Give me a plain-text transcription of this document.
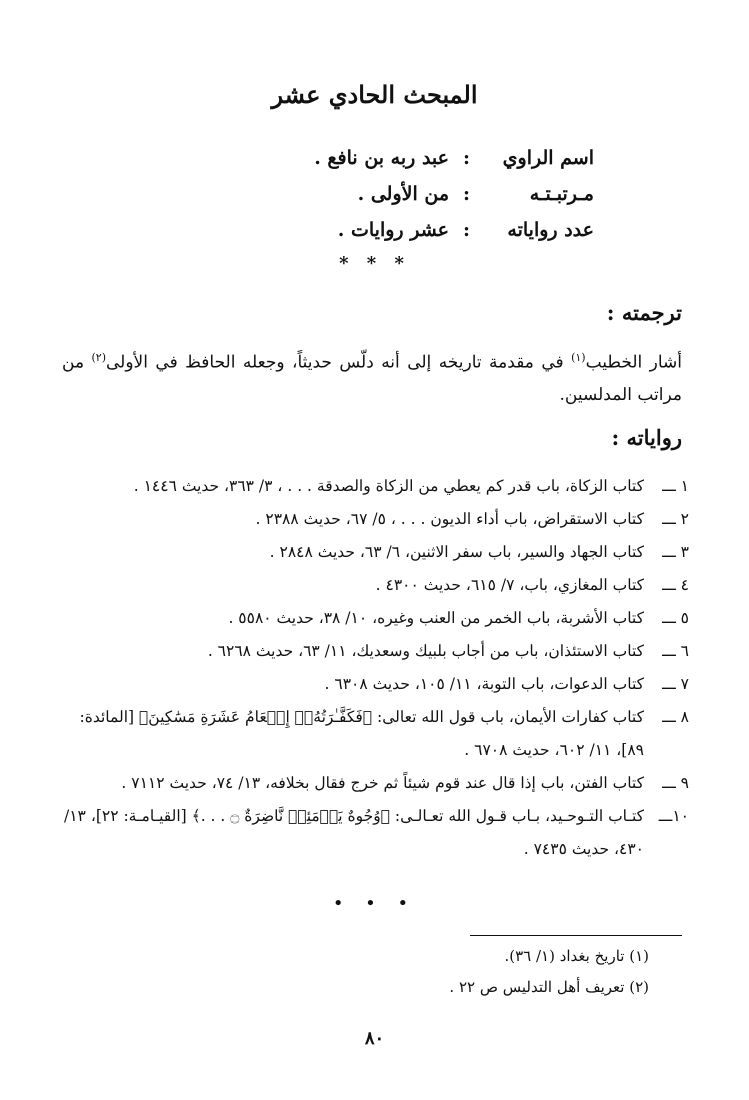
المبحث الحادي عشر
اسم الراوي
:
عبد ربه بن نافع .
مـرتبـتـه
:
من الأولى .
عدد رواياته
:
عشر روايات .
* * *
ترجمته :

أشار الخطيب$^{(١)}$ في مقدمة تاريخه إلى أنه دلّس حديثاً، وجعله الحافظ في الأولى$^{(٢)}$ من مراتب المدلسين.

رواياته :
١ ـــ
كتاب الزكاة، باب قدر كم يعطي من الزكاة والصدقة . . . ، ٣/ ٣٦٣، حديث ١٤٤٦ .
٢ ـــ
كتاب الاستقراض، باب أداء الديون . . . ، ٥/ ٦٧، حديث ٢٣٨٨ .
٣ ـــ
كتاب الجهاد والسير، باب سفر الاثنين، ٦/ ٦٣، حديث ٢٨٤٨ .
٤ ـــ
كتاب المغازي، باب، ٧/ ٦١٥، حديث ٤٣٠٠ .
٥ ـــ
كتاب الأشربة، باب الخمر من العنب وغيره، ١٠/ ٣٨، حديث ٥٥٨٠ .
٦ ـــ
كتاب الاستئذان، باب من أجاب بلبيك وسعديك، ١١/ ٦٣، حديث ٦٢٦٨ .
٧ ـــ
كتاب الدعوات، باب التوبة، ١١/ ١٠٥، حديث ٦٣٠٨ .
٨ ـــ
كتاب كفارات الأيمان، باب قول الله تعالى: ﴿فَكَفَّـٰرَتُهُۥٓ إِطۡعَامُ عَشَرَةِ مَسَٰكِينَ﴾ [المائدة: ٨٩]، ١١/ ٦٠٢، حديث ٦٧٠٨ .
٩ ـــ
كتاب الفتن، باب إذا قال عند قوم شيئاً ثم خرج فقال بخلافه، ١٣/ ٧٤، حديث ٧١١٢ .
١٠ـــ
كتـاب التـوحـيد، بـاب قـول الله تعـالـى: ﴿وُجُوهٌ يَوۡمَئِذٖ نَّاضِرَةٌ ۝ . . .﴾ [القيـامـة: ٢٢]، ١٣/ ٤٣٠، حديث ٧٤٣٥ .
• • •
(١) تاريخ بغداد (١/ ٣٦).
(٢) تعريف أهل التدليس ص ٢٢ .
٨٠
